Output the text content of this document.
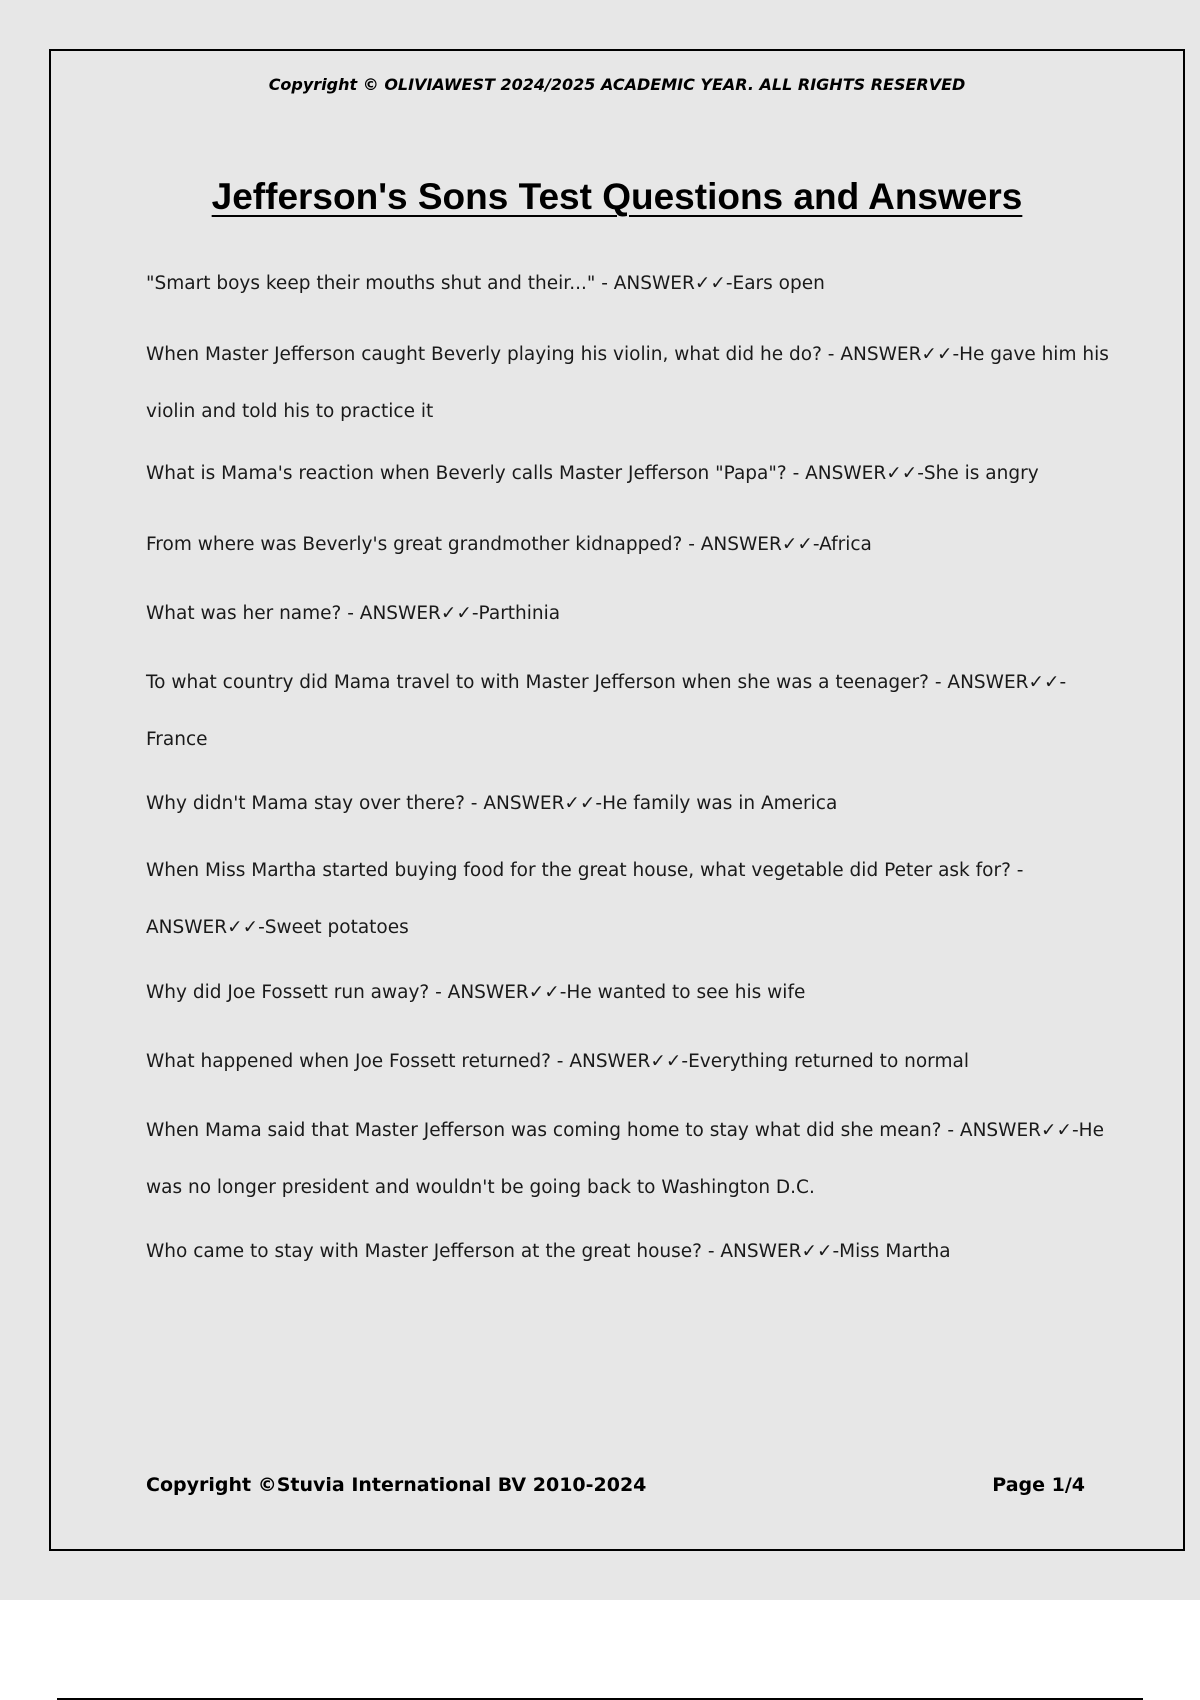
Copyright © OLIVIAWEST 2024/2025 ACADEMIC YEAR. ALL RIGHTS RESERVED
Jefferson's Sons Test Questions and Answers
"Smart boys keep their mouths shut and their..." - ANSWER✓✓-Ears open
When Master Jefferson caught Beverly playing his violin, what did he do? - ANSWER✓✓-He gave him his
violin and told his to practice it
What is Mama's reaction when Beverly calls Master Jefferson "Papa"? - ANSWER✓✓-She is angry
From where was Beverly's great grandmother kidnapped? - ANSWER✓✓-Africa
What was her name? - ANSWER✓✓-Parthinia
To what country did Mama travel to with Master Jefferson when she was a teenager? - ANSWER✓✓-
France
Why didn't Mama stay over there? - ANSWER✓✓-He family was in America
When Miss Martha started buying food for the great house, what vegetable did Peter ask for? -
ANSWER✓✓-Sweet potatoes
Why did Joe Fossett run away? - ANSWER✓✓-He wanted to see his wife
What happened when Joe Fossett returned? - ANSWER✓✓-Everything returned to normal
When Mama said that Master Jefferson was coming home to stay what did she mean? - ANSWER✓✓-He
was no longer president and wouldn't be going back to Washington D.C.
Who came to stay with Master Jefferson at the great house? - ANSWER✓✓-Miss Martha
Copyright ©Stuvia International BV 2010-2024	Page 1/4
